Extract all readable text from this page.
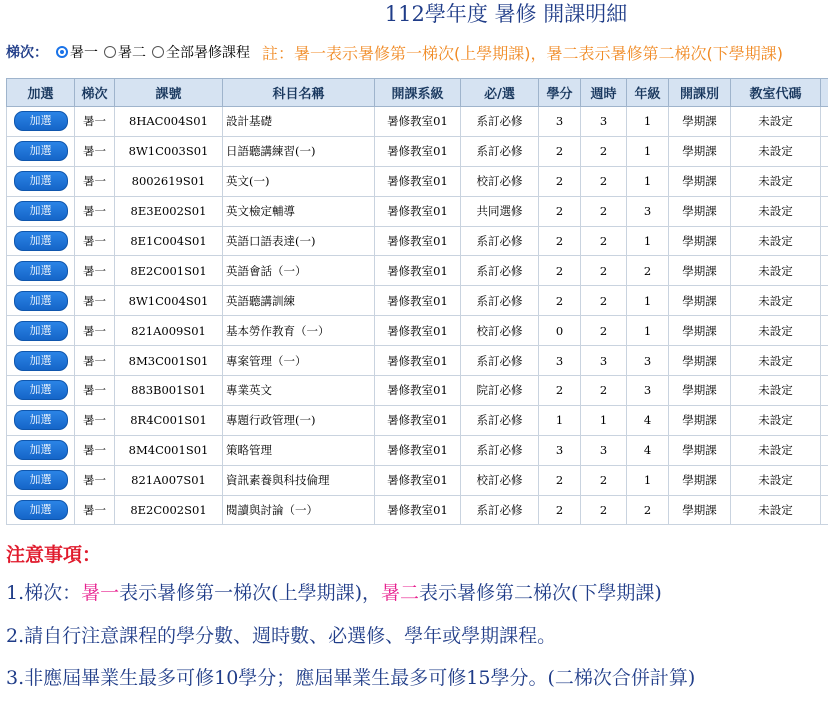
112學年度 暑修 開課明細
梯次： 暑一 暑二 全部暑修課程 註：暑一表示暑修第一梯次(上學期課)，暑二表示暑修第二梯次(下學期課)
加選	梯次	課號	科目名稱	開課系級	必/選	學分	週時	年級	開課別	教室代碼	
加選	暑一	8HAC004S01	設計基礎	暑修教室01	系訂必修	3	3	1	學期課	未設定	
加選	暑一	8W1C003S01	日語聽講練習(一)	暑修教室01	系訂必修	2	2	1	學期課	未設定	
加選	暑一	8002619S01	英文(一)	暑修教室01	校訂必修	2	2	1	學期課	未設定	
加選	暑一	8E3E002S01	英文檢定輔導	暑修教室01	共同選修	2	2	3	學期課	未設定	
加選	暑一	8E1C004S01	英語口語表達(一)	暑修教室01	系訂必修	2	2	1	學期課	未設定	
加選	暑一	8E2C001S01	英語會話（一）	暑修教室01	系訂必修	2	2	2	學期課	未設定	
加選	暑一	8W1C004S01	英語聽講訓練	暑修教室01	系訂必修	2	2	1	學期課	未設定	
加選	暑一	821A009S01	基本勞作教育（一）	暑修教室01	校訂必修	0	2	1	學期課	未設定	
加選	暑一	8M3C001S01	專案管理（一）	暑修教室01	系訂必修	3	3	3	學期課	未設定	
加選	暑一	883B001S01	專業英文	暑修教室01	院訂必修	2	2	3	學期課	未設定	
加選	暑一	8R4C001S01	專題行政管理(一)	暑修教室01	系訂必修	1	1	4	學期課	未設定	
加選	暑一	8M4C001S01	策略管理	暑修教室01	系訂必修	3	3	4	學期課	未設定	
加選	暑一	821A007S01	資訊素養與科技倫理	暑修教室01	校訂必修	2	2	1	學期課	未設定	
加選	暑一	8E2C002S01	閱讀與討論（一）	暑修教室01	系訂必修	2	2	2	學期課	未設定	
注意事項：
1.梯次：暑一表示暑修第一梯次(上學期課)，暑二表示暑修第二梯次(下學期課)
2.請自行注意課程的學分數、週時數、必選修、學年或學期課程。
3.非應屆畢業生最多可修10學分；應屆畢業生最多可修15學分。(二梯次合併計算)
